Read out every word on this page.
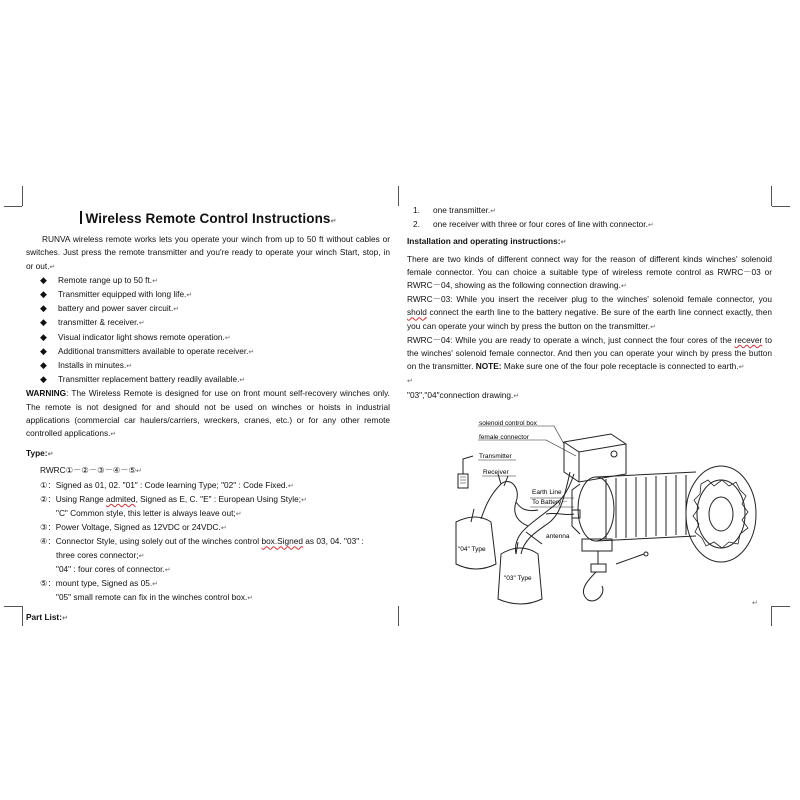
↵
Wireless Remote Control Instructions↵
RUNVA wireless remote works lets you operate your winch from up to 50 ft without cables or switches. Just press the remote transmitter and you're ready to operate your winch Start, stop, in or out.↵
◆ Remote range up to 50 ft.↵
◆ Transmitter equipped with long life.↵
◆ battery and power saver circuit.↵
◆ transmitter & receiver.↵
◆ Visual indicator light shows remote operation.↵
◆ Additional transmitters available to operate receiver.↵
◆ Installs in minutes.↵
◆ Transmitter replacement battery readily available.↵
WARNING: The Wireless Remote is designed for use on front mount self-recovery winches only. The remote is not designed for and should not be used on winches or hoists in industrial applications (commercial car haulers/carriers, wreckers, cranes, etc.) or for any other remote controlled applications.↵
Type:↵
RWRC①－②－③－④－⑤↵
①：Signed as 01, 02. "01" : Code learning Type; "02" : Code Fixed.↵
②：Using Range admited, Signed as E, C. "E" : European Using Style;↵
"C" Common style, this letter is always leave out;↵
③：Power Voltage, Signed as 12VDC or 24VDC.↵
④：Connector Style, using solely out of the winches control box.Signed as 03, 04. "03" :
three cores connector;↵
"04" : four cores of connector.↵
⑤：mount type, Signed as 05.↵
"05" small remote can fix in the winches control box.↵
Part List:↵
1. one transmitter.↵
2. one receiver with three or four cores of line with connector.↵
Installation and operating instructions:↵
There are two kinds of different connect way for the reason of different kinds winches' solenoid female connector. You can choice a suitable type of wireless remote control as RWRC－03 or RWRC－04, showing as the following connection drawing.↵
RWRC－03: While you insert the receiver plug to the winches' solenoid female connector, you shold connect the earth line to the battery negative. Be sure of the earth line connect exactly, then you can operate your winch by press the button on the transmitter.↵
RWRC－04: While you are ready to operate a winch, just connect the four cores of the recever to the winches' solenoid female connector. And then you can operate your winch by press the button on the transmitter. NOTE: Make sure one of the four pole receptacle is connected to earth.↵
↵
"03","04"connection drawing.↵
solenoid control box
female connector
Transmitter
Receiver
Earth Line
To Battery－
antenna
"04" Type
"03" Type
